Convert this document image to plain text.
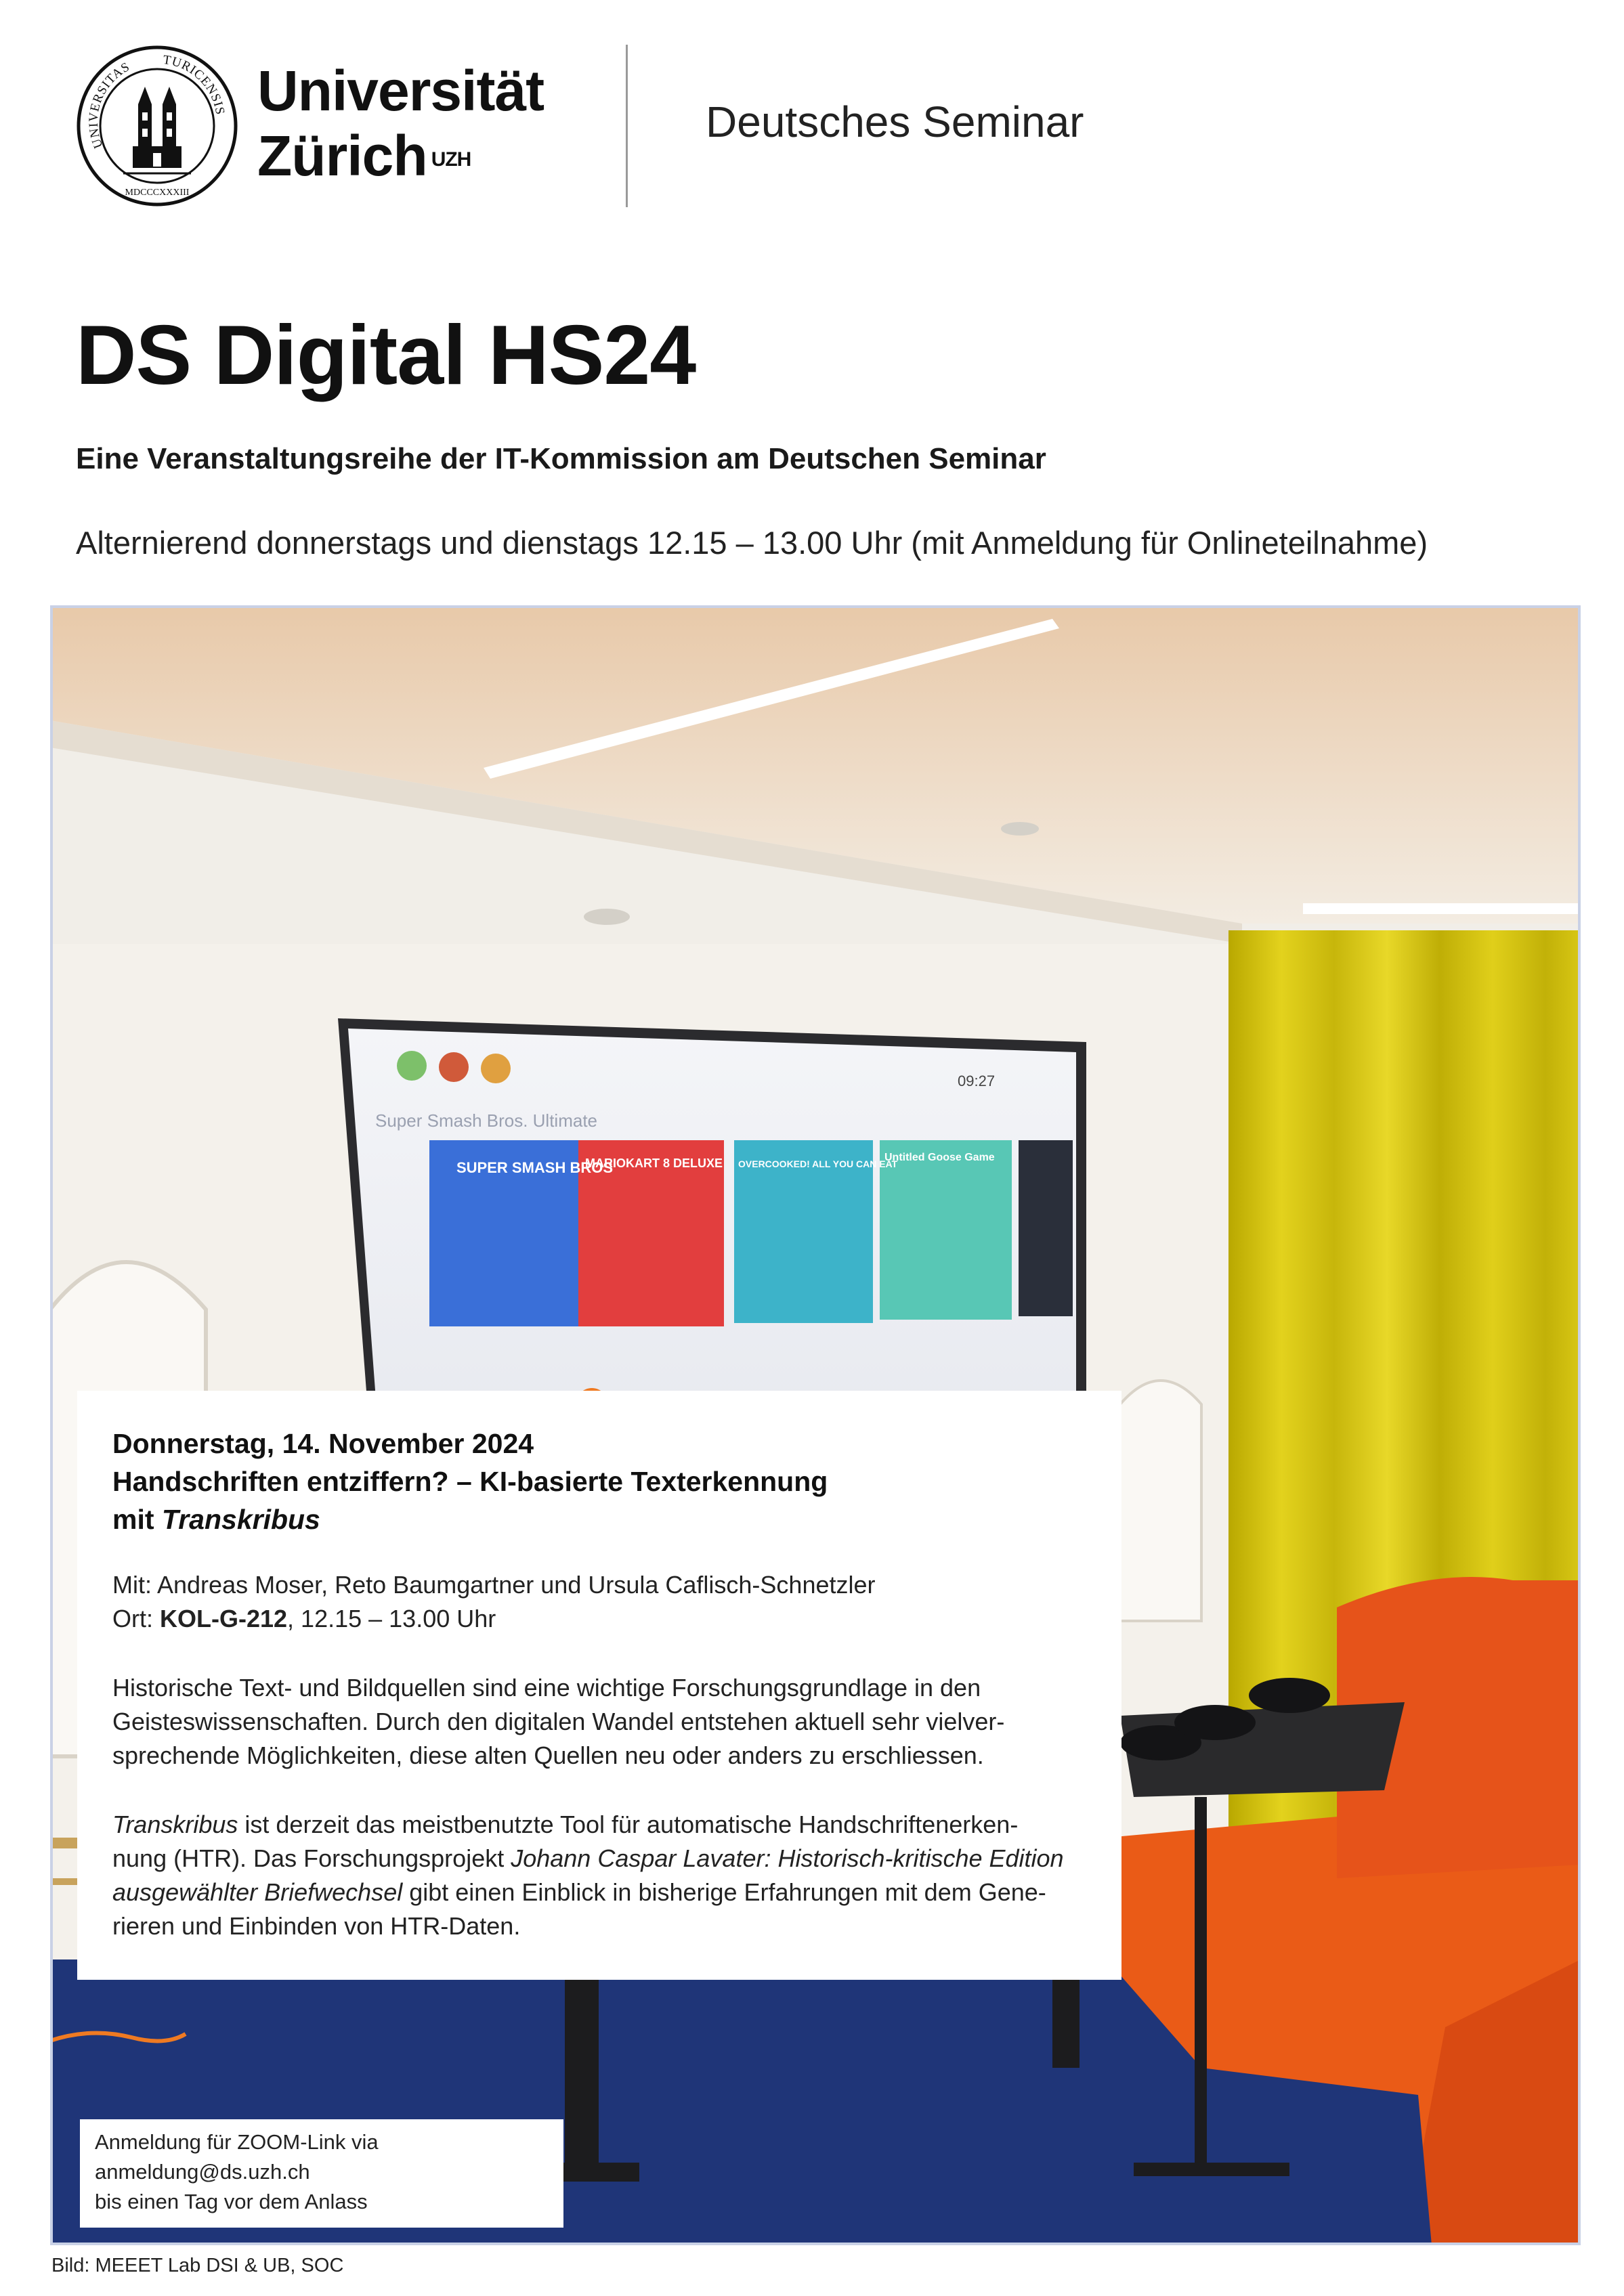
UNIVERSITAS TURICENSIS
MDCCCXXXIII
Universität
Zürich $^{UZH}$
Deutsches Seminar
DS Digital HS24
Eine Veranstaltungsreihe der IT-Kommission am Deutschen Seminar
Alternierend donnerstags und dienstags 12.15 – 13.00 Uhr (mit Anmeldung für Onlineteilnahme)
09:27
Super Smash Bros. Ultimate
SUPER SMASH BROS
MARIOKART 8 DELUXE OVERCOOKED! ALL YOU CAN EAT
Untitled Goose Game
Donnerstag, 14. November 2024
Handschriften entziffern? – KI-basierte Texterkennung
mit Transkribus
Mit: Andreas Moser, Reto Baumgartner und Ursula Caflisch-Schnetzler
Ort: KOL-G-212, 12.15 – 13.00 Uhr
Historische Text- und Bildquellen sind eine wichtige Forschungsgrundlage in den
Geisteswissenschaften. Durch den digitalen Wandel entstehen aktuell sehr vielver-
sprechende Möglichkeiten, diese alten Quellen neu oder anders zu erschliessen.
Transkribus ist derzeit das meistbenutzte Tool für automatische Handschriftenerken-
nung (HTR). Das Forschungsprojekt Johann Caspar Lavater: Historisch-kritische Edition
ausgewählter Briefwechsel gibt einen Einblick in bisherige Erfahrungen mit dem Gene-
rieren und Einbinden von HTR-Daten.
Anmeldung für ZOOM-Link via
anmeldung@ds.uzh.ch
bis einen Tag vor dem Anlass
Bild: MEEET Lab DSI & UB, SOC
